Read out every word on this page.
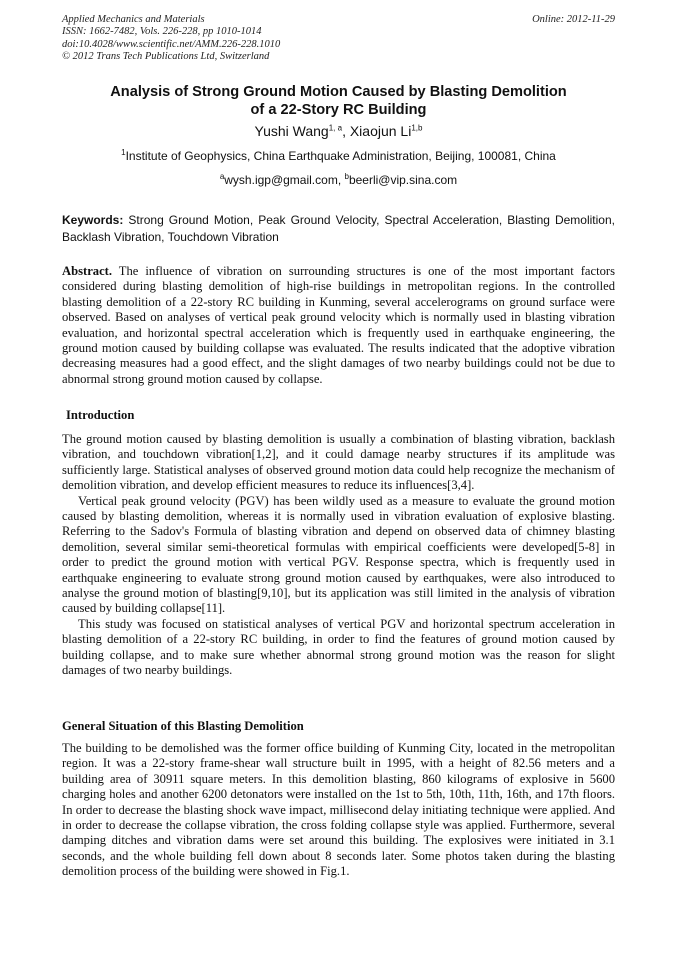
Applied Mechanics and Materials
ISSN: 1662-7482, Vols. 226-228, pp 1010-1014
doi:10.4028/www.scientific.net/AMM.226-228.1010
© 2012 Trans Tech Publications Ltd, Switzerland
Online: 2012-11-29
Analysis of Strong Ground Motion Caused by Blasting Demolition
of a 22-Story RC Building
Yushi Wang$^{1, a}$, Xiaojun Li$^{1,b}$
$^1$Institute of Geophysics, China Earthquake Administration, Beijing, 100081, China
$^a$wysh.igp@gmail.com, $^b$beerli@vip.sina.com
Keywords: Strong Ground Motion, Peak Ground Velocity, Spectral Acceleration, Blasting Demolition, Backlash Vibration, Touchdown Vibration
Abstract. The influence of vibration on surrounding structures is one of the most important factors considered during blasting demolition of high-rise buildings in metropolitan regions. In the controlled blasting demolition of a 22-story RC building in Kunming, several accelerograms on ground surface were observed. Based on analyses of vertical peak ground velocity which is normally used in blasting vibration evaluation, and horizontal spectral acceleration which is frequently used in earthquake engineering, the ground motion caused by building collapse was evaluated. The results indicated that the adoptive vibration decreasing measures had a good effect, and the slight damages of two nearby buildings could not be due to abnormal strong ground motion caused by collapse.
Introduction

The ground motion caused by blasting demolition is usually a combination of blasting vibration, backlash vibration, and touchdown vibration[1,2], and it could damage nearby structures if its amplitude was sufficiently large. Statistical analyses of observed ground motion data could help recognize the mechanism of demolition vibration, and develop efficient measures to reduce its influences[3,4].

Vertical peak ground velocity (PGV) has been wildly used as a measure to evaluate the ground motion caused by blasting demolition, whereas it is normally used in vibration evaluation of explosive blasting. Referring to the Sadov's Formula of blasting vibration and depend on observed data of chimney blasting demolition, several similar semi-theoretical formulas with empirical coefficients were developed[5-8] in order to predict the ground motion with vertical PGV. Response spectra, which is frequently used in earthquake engineering to evaluate strong ground motion caused by earthquakes, were also introduced to analyse the ground motion of blasting[9,10], but its application was still limited in the analysis of vibration caused by building collapse[11].

This study was focused on statistical analyses of vertical PGV and horizontal spectrum acceleration in blasting demolition of a 22-story RC building, in order to find the features of ground motion caused by building collapse, and to make sure whether abnormal strong ground motion was the reason for slight damages of two nearby buildings.

General Situation of this Blasting Demolition

The building to be demolished was the former office building of Kunming City, located in the metropolitan region. It was a 22-story frame-shear wall structure built in 1995, with a height of 82.56 meters and a building area of 30911 square meters. In this demolition blasting, 860 kilograms of explosive in 5600 charging holes and another 6200 detonators were installed on the 1st to 5th, 10th, 11th, 16th, and 17th floors. In order to decrease the blasting shock wave impact, millisecond delay initiating technique were applied. And in order to decrease the collapse vibration, the cross folding collapse style was applied. Furthermore, several damping ditches and vibration dams were set around this building. The explosives were initiated in 3.1 seconds, and the whole building fell down about 8 seconds later. Some photos taken during the blasting demolition process of the building were showed in Fig.1.
